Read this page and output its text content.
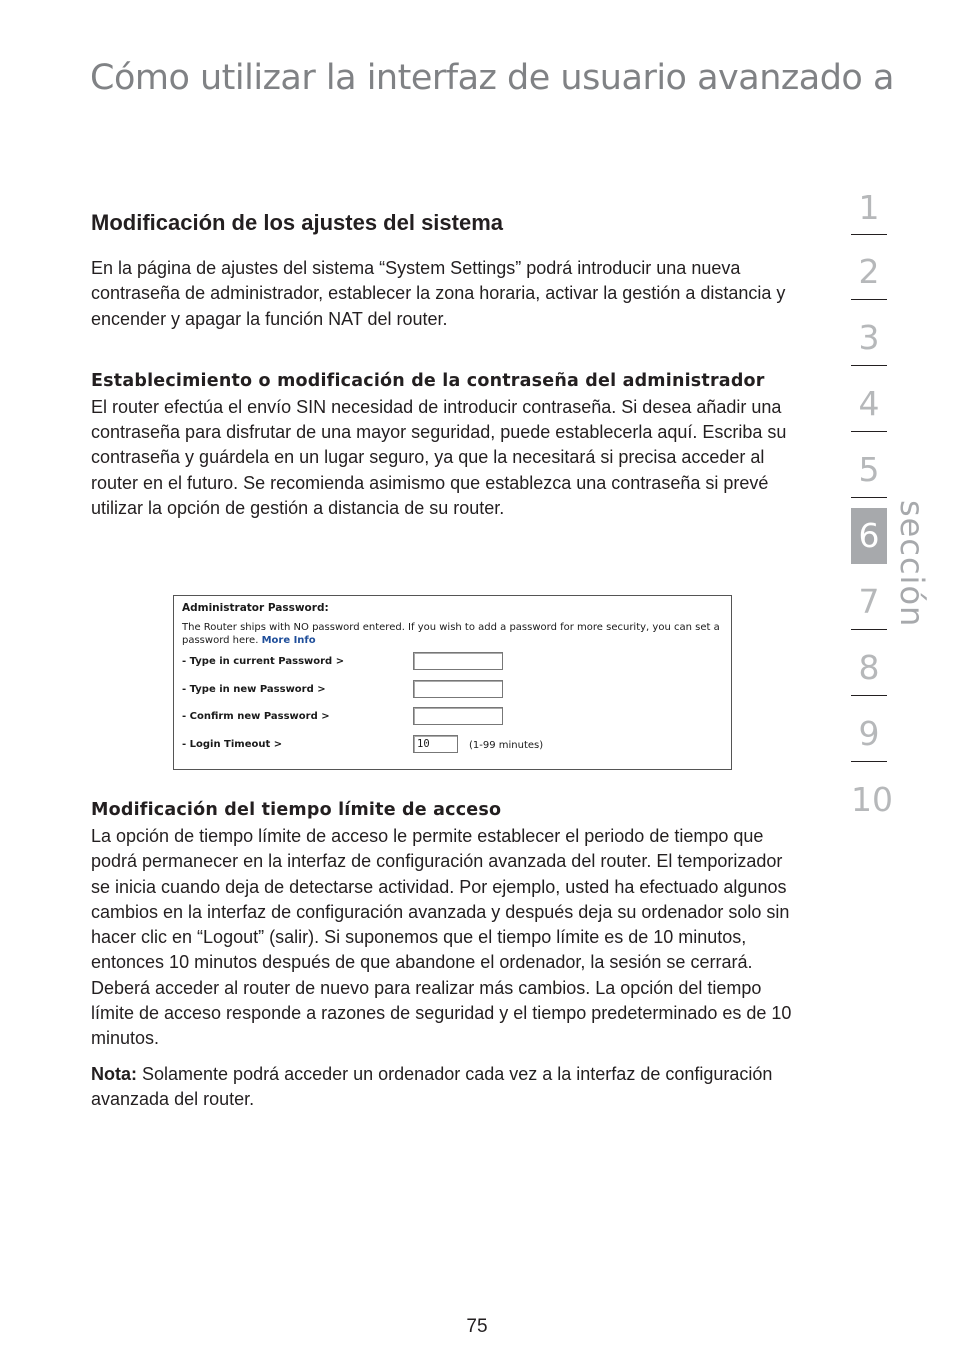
Cómo utilizar la interfaz de usuario avanzado a
Modificación de los ajustes del sistema

En la página de ajustes del sistema “System Settings” podrá introducir una nueva contraseña de administrador, establecer la zona horaria, activar la gestión a distancia y encender y apagar la función NAT del router.

Establecimiento o modificación de la contraseña del administrador

El router efectúa el envío SIN necesidad de introducir contraseña. Si desea añadir una contraseña para disfrutar de una mayor seguridad, puede establecerla aquí. Escriba su contraseña y guárdela en un lugar seguro, ya que la necesitará si precisa acceder al router en el futuro. Se recomienda asimismo que establezca una contraseña si prevé utilizar la opción de gestión a distancia de su router.

Administrator Password:
The Router ships with NO password entered. If you wish to add a password for more security, you can set a password here. More Info
- Type in current Password >
- Type in new Password >
- Confirm new Password >
- Login Timeout >	10	(1-99 minutes)
Modificación del tiempo límite de acceso

La opción de tiempo límite de acceso le permite establecer el periodo de tiempo que podrá permanecer en la interfaz de configuración avanzada del router. El temporizador se inicia cuando deja de detectarse actividad. Por ejemplo, usted ha efectuado algunos cambios en la interfaz de configuración avanzada y después deja su ordenador solo sin hacer clic en “Logout” (salir). Si suponemos que el tiempo límite es de 10 minutos, entonces 10 minutos después de que abandone el ordenador, la sesión se cerrará. Deberá acceder al router de nuevo para realizar más cambios. La opción del tiempo límite de acceso responde a razones de seguridad y el tiempo predeterminado es de 10 minutos.

Nota: Solamente podrá acceder un ordenador cada vez a la interfaz de configuración avanzada del router.

1
2
3
4
5
6
7
8
9
10
sección
75
